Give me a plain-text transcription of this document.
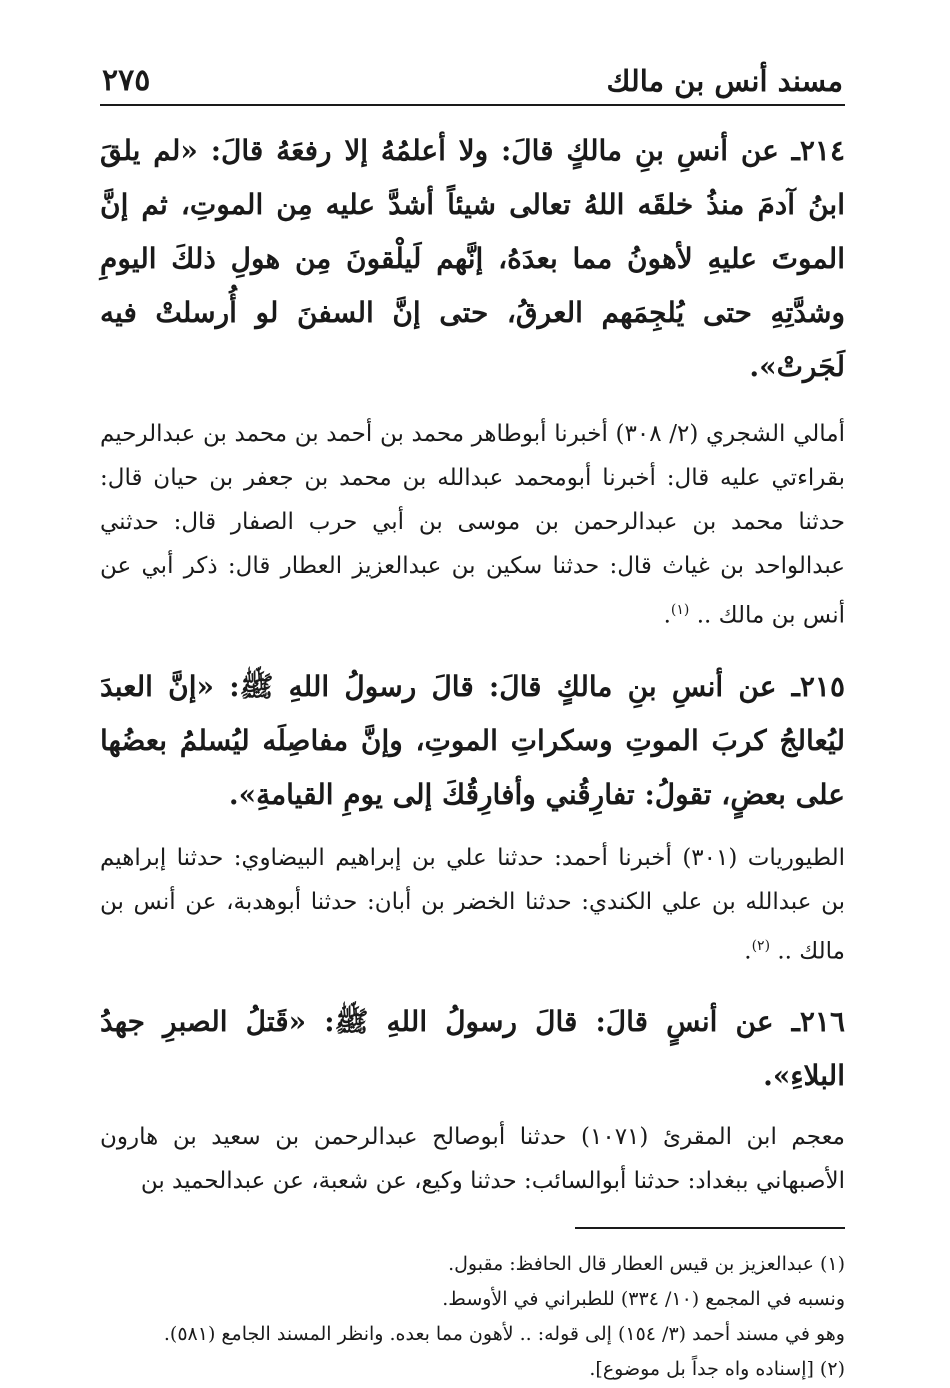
مسند أنس بن مالك
٢٧٥

٢١٤ـ عن أنسِ بنِ مالكٍ قالَ: ولا أعلمُهُ إلا رفعَهُ قالَ: «لم يلقَ ابنُ آدمَ منذُ خلقَه اللهُ تعالى شيئاً أشدَّ عليه مِن الموتِ، ثم إنَّ الموتَ عليهِ لأهونُ مما بعدَهُ، إنَّهم لَيلْقونَ مِن هولِ ذلكَ اليومِ وشدَّتِهِ حتى يُلجِمَهم العرقُ، حتى إنَّ السفنَ لو أُرسلتْ فيه لَجَرتْ».

أمالي الشجري (٢/ ٣٠٨) أخبرنا أبوطاهر محمد بن أحمد بن محمد بن عبدالرحيم بقراءتي عليه قال: أخبرنا أبومحمد عبدالله بن محمد بن جعفر بن حيان قال: حدثنا محمد بن عبدالرحمن بن موسى بن أبي حرب الصفار قال: حدثني عبدالواحد بن غياث قال: حدثنا سكين بن عبدالعزيز العطار قال: ذكر أبي عن أنس بن مالك .. $^{(١)}$.

٢١٥ـ عن أنسِ بنِ مالكٍ قالَ: قالَ رسولُ اللهِ ﷺ: «إنَّ العبدَ ليُعالجُ كربَ الموتِ وسكراتِ الموتِ، وإنَّ مفاصِلَه ليُسلمُ بعضُها على بعضٍ، تقولُ: تفارِقُني وأفارِقُكَ إلى يومِ القيامةِ».

الطيوريات (٣٠١) أخبرنا أحمد: حدثنا علي بن إبراهيم البيضاوي: حدثنا إبراهيم بن عبدالله بن علي الكندي: حدثنا الخضر بن أبان: حدثنا أبوهدبة، عن أنس بن مالك .. $^{(٢)}$.

٢١٦ـ عن أنسٍ قالَ: قالَ رسولُ اللهِ ﷺ: «قَتلُ الصبرِ جهدُ البلاءِ».

معجم ابن المقرئ (١٠٧١) حدثنا أبوصالح عبدالرحمن بن سعيد بن هارون الأصبهاني ببغداد: حدثنا أبوالسائب: حدثنا وكيع، عن شعبة، عن عبدالحميد بن

(١) عبدالعزيز بن قيس العطار قال الحافظ: مقبول.

ونسبه في المجمع (١٠/ ٣٣٤) للطبراني في الأوسط.

وهو في مسند أحمد (٣/ ١٥٤) إلى قوله: .. لأهون مما بعده. وانظر المسند الجامع (٥٨١).

(٢) [إسناده واه جداً بل موضوع].
